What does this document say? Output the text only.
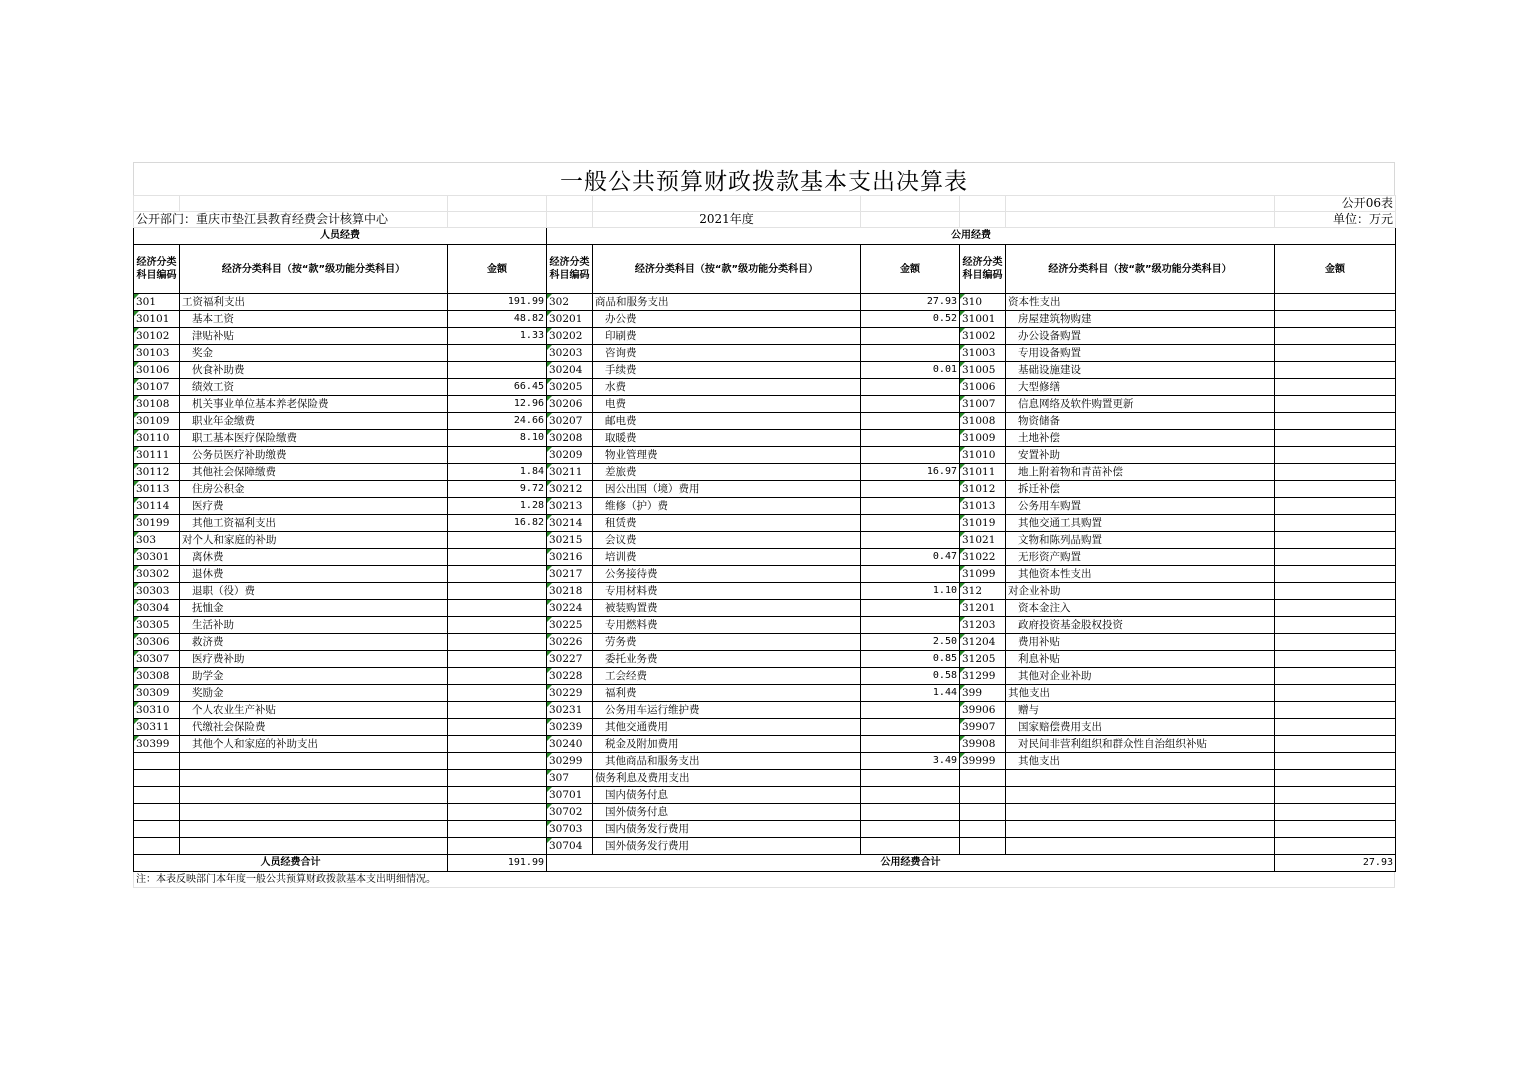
一般公共预算财政拨款基本支出决算表
								公开06表
公开部门：重庆市垫江县教育经费会计核算中心				2021年度				单位：万元
人员经费			公用经费					
经济分类科目编码	经济分类科目（按“款”级功能分类科目）	金额	经济分类科目编码	经济分类科目（按“款”级功能分类科目）	金额	经济分类科目编码	经济分类科目（按“款”级功能分类科目）	金额
301	工资福利支出	191.99	302	商品和服务支出	27.93	310	资本性支出	
30101	基本工资	48.82	30201	办公费	0.52	31001	房屋建筑物购建	
30102	津贴补贴	1.33	30202	印刷费		31002	办公设备购置	
30103	奖金		30203	咨询费		31003	专用设备购置	
30106	伙食补助费		30204	手续费	0.01	31005	基础设施建设	
30107	绩效工资	66.45	30205	水费		31006	大型修缮	
30108	机关事业单位基本养老保险费	12.96	30206	电费		31007	信息网络及软件购置更新	
30109	职业年金缴费	24.66	30207	邮电费		31008	物资储备	
30110	职工基本医疗保险缴费	8.10	30208	取暖费		31009	土地补偿	
30111	公务员医疗补助缴费		30209	物业管理费		31010	安置补助	
30112	其他社会保障缴费	1.84	30211	差旅费	16.97	31011	地上附着物和青苗补偿	
30113	住房公积金	9.72	30212	因公出国（境）费用		31012	拆迁补偿	
30114	医疗费	1.28	30213	维修（护）费		31013	公务用车购置	
30199	其他工资福利支出	16.82	30214	租赁费		31019	其他交通工具购置	
303	对个人和家庭的补助		30215	会议费		31021	文物和陈列品购置	
30301	离休费		30216	培训费	0.47	31022	无形资产购置	
30302	退休费		30217	公务接待费		31099	其他资本性支出	
30303	退职（役）费		30218	专用材料费	1.10	312	对企业补助	
30304	抚恤金		30224	被装购置费		31201	资本金注入	
30305	生活补助		30225	专用燃料费		31203	政府投资基金股权投资	
30306	救济费		30226	劳务费	2.50	31204	费用补贴	
30307	医疗费补助		30227	委托业务费	0.85	31205	利息补贴	
30308	助学金		30228	工会经费	0.58	31299	其他对企业补助	
30309	奖励金		30229	福利费	1.44	399	其他支出	
30310	个人农业生产补贴		30231	公务用车运行维护费		39906	赠与	
30311	代缴社会保险费		30239	其他交通费用		39907	国家赔偿费用支出	
30399	其他个人和家庭的补助支出		30240	税金及附加费用		39908	对民间非营利组织和群众性自治组织补贴	
			30299	其他商品和服务支出	3.49	39999	其他支出	
			307	债务利息及费用支出				
			30701	国内债务付息				
			30702	国外债务付息				
			30703	国内债务发行费用				
			30704	国外债务发行费用				
人员经费合计		191.99	公用经费合计					27.93
注：本表反映部门本年度一般公共预算财政拨款基本支出明细情况。
